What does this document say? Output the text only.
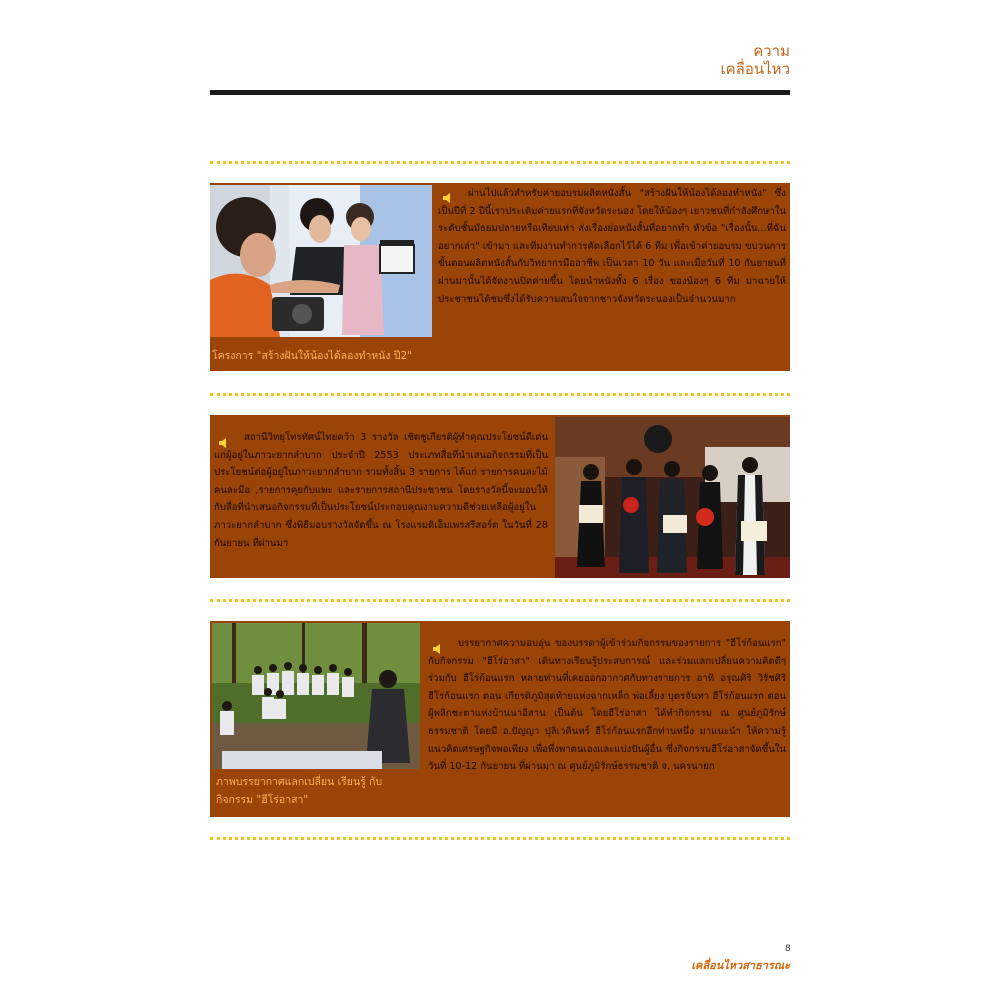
ความ
เคลื่อนไหว
ผ่านไปแล้วสำหรับค่ายอบรมผลิตหนังสั้น "สร้างฝันให้น้องได้ลองทำหนัง" ซึ่งเป็นปีที่ 2 ปีนี้เราประเดิมค่ายแรกที่จังหวัดระนอง โดยให้น้องๆ เยาวชนที่กำลังศึกษาในระดับชั้นมัธยมปลายหรือเทียบเท่า ส่งเรื่องย่อหนังสั้นที่อยากทำ หัวข้อ "เรื่องนั้น...ที่ฉันอยากเล่า" เข้ามา และทีมงานทำการคัดเลือกไว้ได้ 6 ทีม เพื่อเข้าค่ายอบรม ขบวนการ ขั้นตอนผลิตหนังสั้นกับวิทยากรมืออาชีพ เป็นเวลา 10 วัน และเมื่อวันที่ 10 กันยายนที่ผ่านมานั้นได้จัดงานปิดค่ายขึ้น โดยนำหนังทั้ง 6 เรื่อง ของน้องๆ 6 ทีม มาฉายให้ประชาชนได้ชมซึ่งได้รับความสนใจจากชาวจังหวัดระนองเป็นจำนวนมาก
โครงการ "สร้างฝันให้น้องได้ลองทำหนัง ปี2"
สถานีวิทยุโทรทัศน์ไทยคว้า 3 รางวัล เชิดชูเกียรติผู้ทำคุณประโยชน์ดีเด่นแก่ผู้อยู่ในภาวะยากลำบาก ประจำปี 2553 ประเภทสื่อที่นำเสนอกิจกรรมที่เป็นประโยชน์ต่อผู้อยู่ในภาวะยากลำบาก รวมทั้งสิ้น 3 รายการ ได้แก่ รายการคนละไม้คนละมือ ,รายการคุยกับแพะ และรายการสถานีประชาชน โดยรางวัลนี้จะมอบให้กับสื่อที่นำเสนอกิจกรรมที่เป็นประโยชน์ประกอบคุณงามความดีช่วยเหลือผู้อยู่ในภาวะยากลำบาก ซึ่งพิธีมอบรางวัลจัดขึ้น ณ โรงแรมดิเอ็มเพรสรีสอร์ต ในวันที่ 28 กันยายน ที่ผ่านมา
บรรยากาศความอบอุ่น ของบรรดาผู้เข้าร่วมกิจกรรมของรายการ "ฮีโร่ก้อนแรก" กับกิจกรรม "ฮีโร่อาสา" เดินทางเรียนรู้ประสบการณ์ และร่วมแลกเปลี่ยนความคิดดีๆ ร่วมกับ ฮีโร่ก้อนแรก หลายท่านที่เคยออกอากาศกับทางรายการ อาทิ อรุณศิริ วิรัชศิริ ฮีโร่ก้อนแรก ตอน เกียรติภูมิสุดท้ายแห่งฉากเหล็ก พ่อเลี้ยง บุตรจันทา ฮีโร่ก้อนแรก ตอน ผู้พลิกชะตาแห่งบ้านนาอีสาน เป็นต้น โดยฮีโร่อาสา ได้ทำกิจกรรม ณ ศูนย์ภูมิรักษ์ธรรมชาติ โดยมี อ.ปัญญา ปุลิเวคินทร์ ฮีโร่ก้อนแรกอีกท่านหนึ่ง มาแนะนำ ให้ความรู้ แนวคิดเศรษฐกิจพอเพียง เพื่อพึ่งพาตนเองและแบ่งปันผู้อื่น ซึ่งกิจกรรมฮีโร่อาสาจัดขึ้นในวันที่ 10-12 กันยายน ที่ผ่านมา ณ ศูนย์ภูมิรักษ์ธรรมชาติ จ. นครนายก
ภาพบรรยากาศแลกเปลี่ยน เรียนรู้ กับ
กิจกรรม "ฮีโร่อาสา"
8
เคลื่อนไหวสาธารณะ
